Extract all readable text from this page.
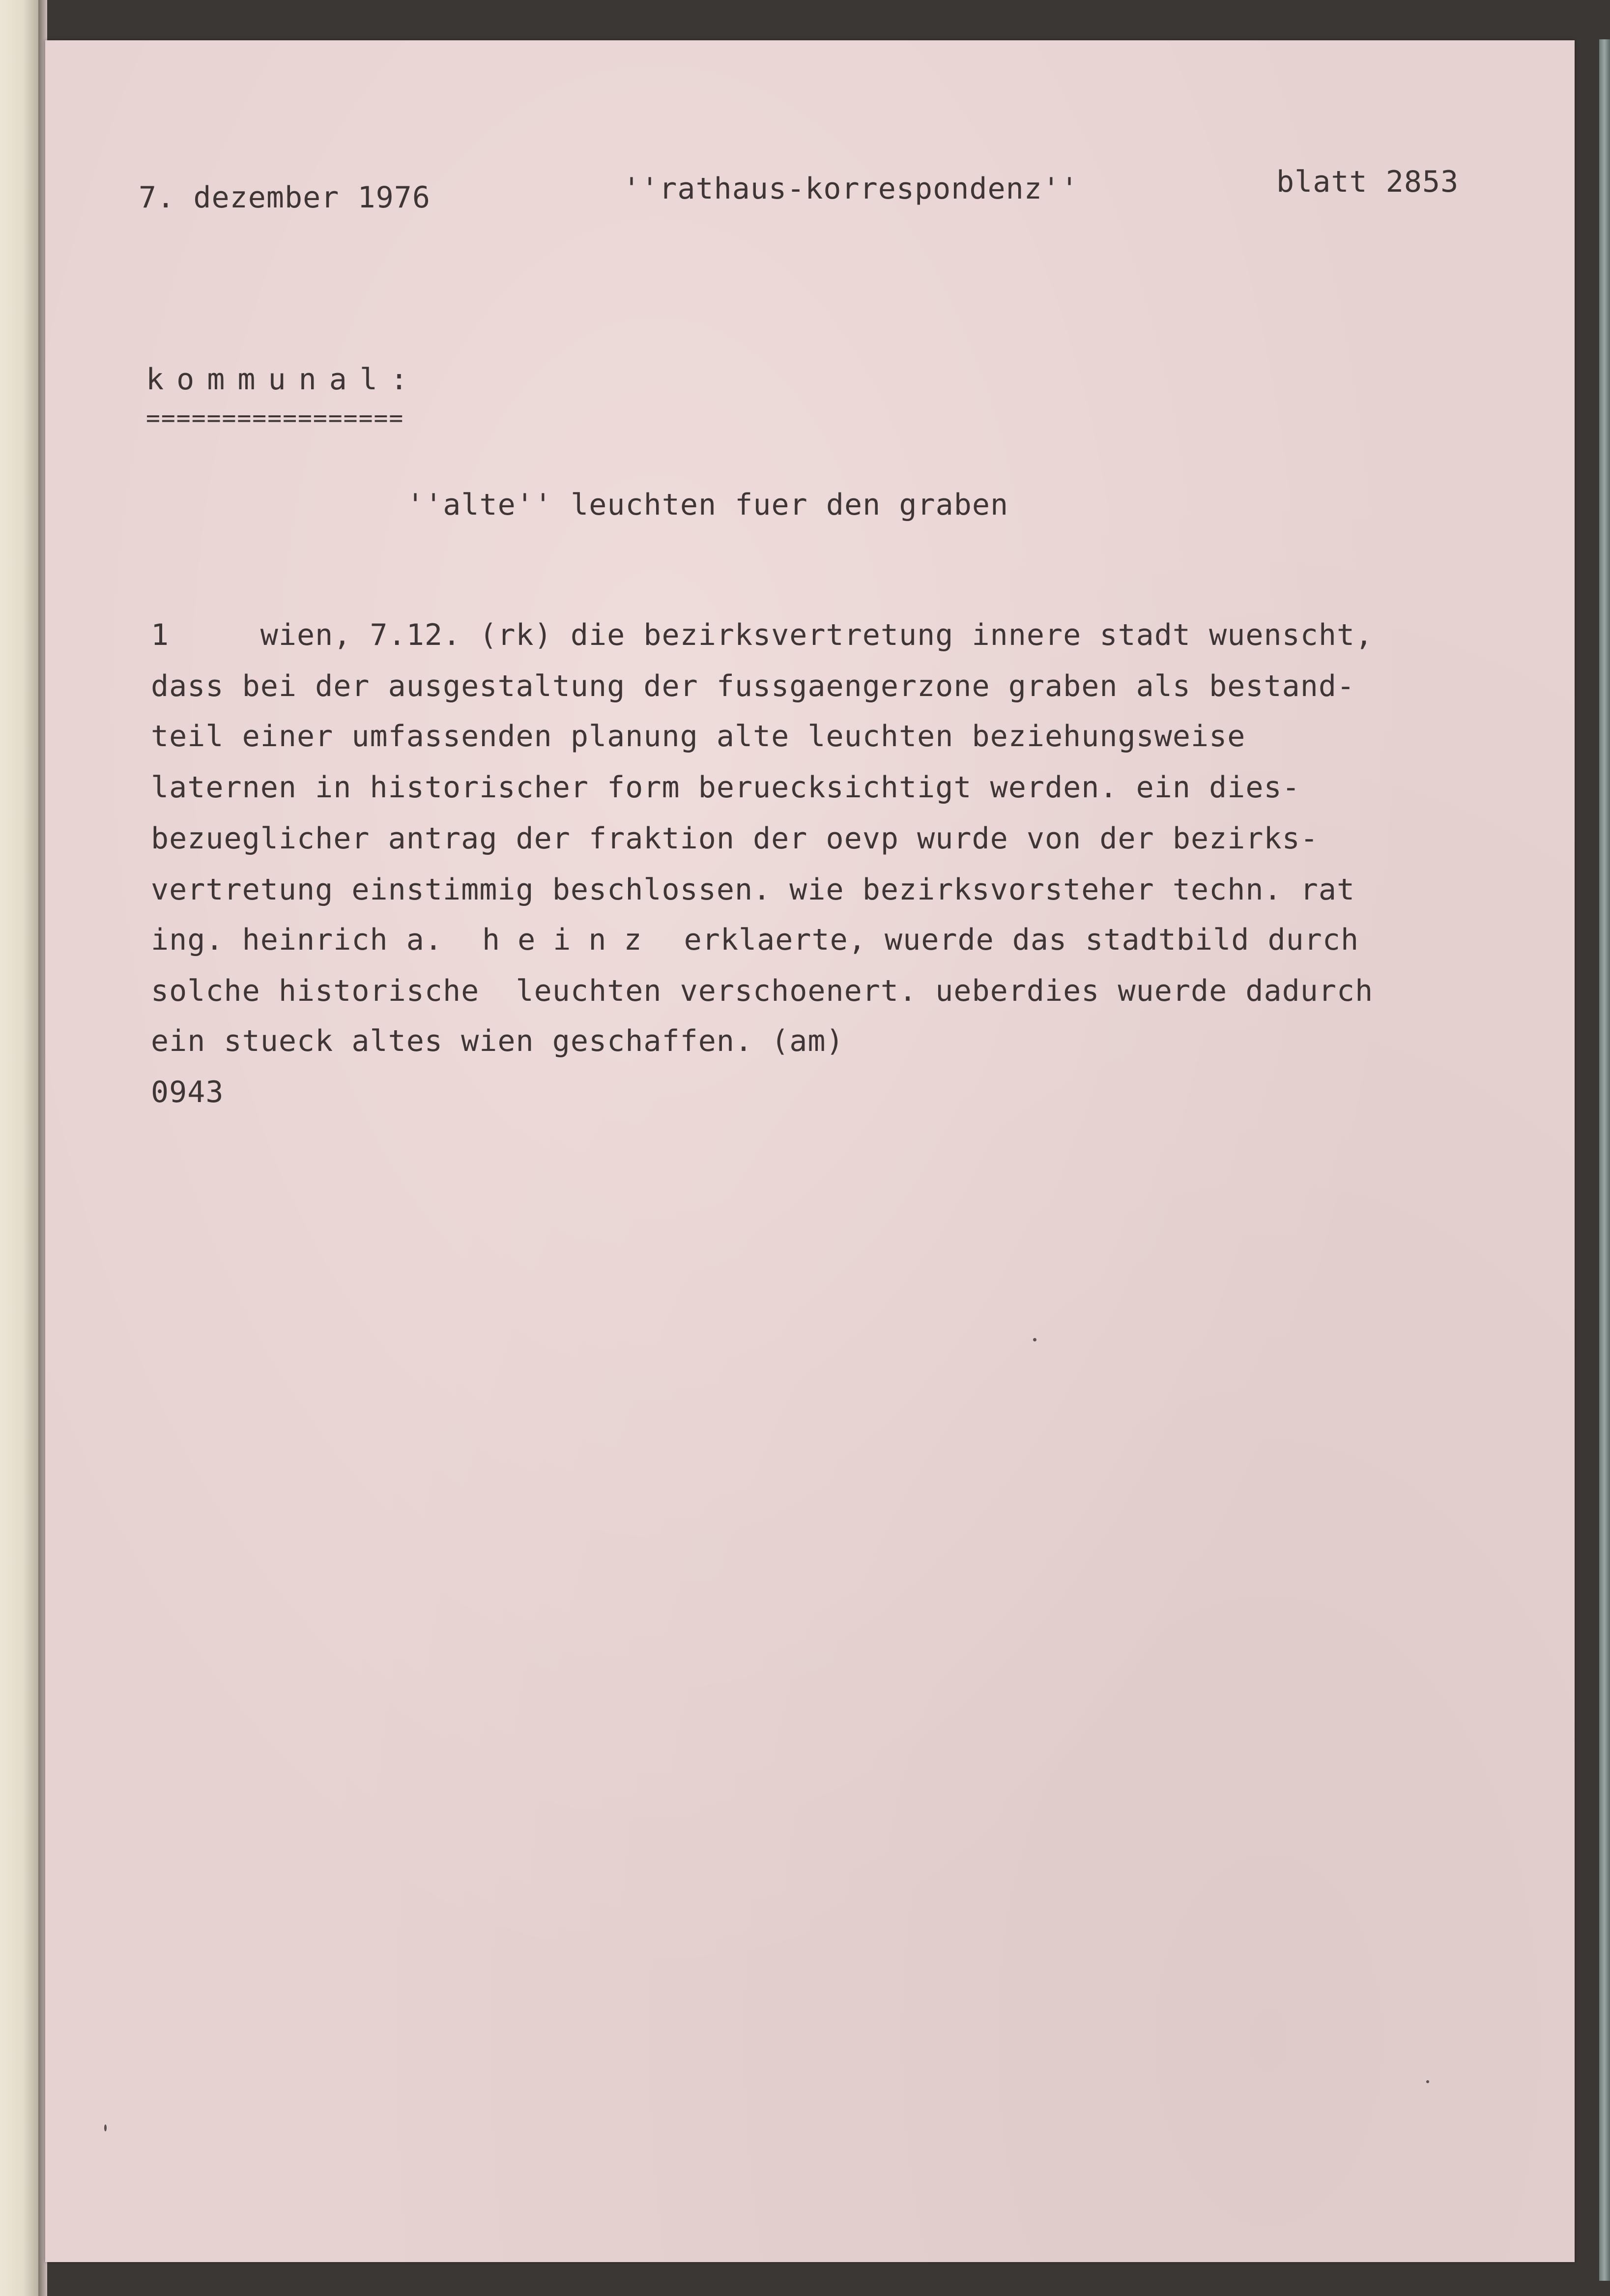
7. dezember 1976	''rathaus-korrespondenz''	blatt 2853

kommunal:

=================

''alte'' leuchten fuer den graben

1     wien, 7.12. (rk) die bezirksvertretung innere stadt wuenscht,

dass bei der ausgestaltung der fussgaengerzone graben als bestand-

teil einer umfassenden planung alte leuchten beziehungsweise

laternen in historischer form beruecksichtigt werden. ein dies-

bezueglicher antrag der fraktion der oevp wurde von der bezirks-

vertretung einstimmig beschlossen. wie bezirksvorsteher techn. rat

ing. heinrich a. heinz erklaerte, wuerde das stadtbild durch

solche historische  leuchten verschoenert. ueberdies wuerde dadurch

ein stueck altes wien geschaffen. (am)

0943
